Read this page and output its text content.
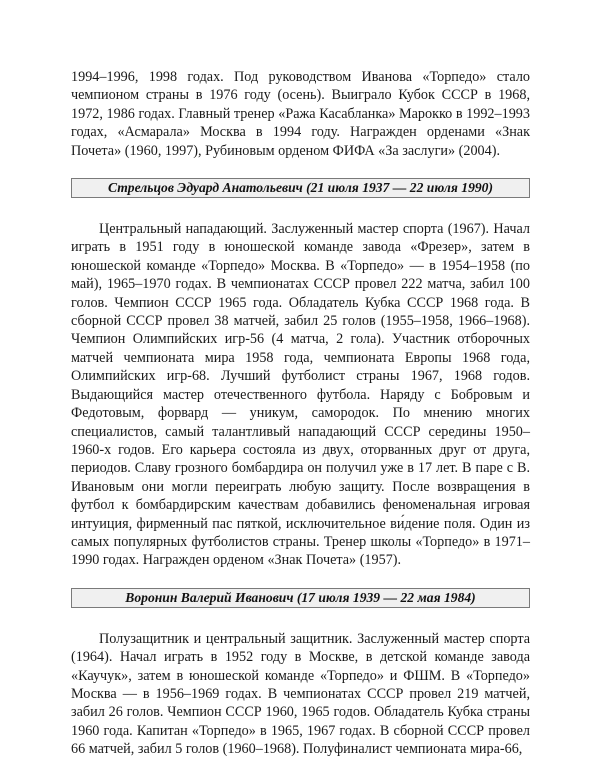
1994–1996, 1998 годах. Под руководством Иванова «Торпедо» стало чемпионом страны в 1976 году (осень). Выиграло Кубок СССР в 1968, 1972, 1986 годах. Главный тренер «Ража Касабланка» Марокко в 1992–1993 годах, «Асмарала» Москва в 1994 году. Награжден орденами «Знак Почета» (1960, 1997), Рубиновым орденом ФИФА «За заслуги» (2004).

Стрельцов Эдуард Анатольевич (21 июля 1937 — 22 июля 1990)

Центральный нападающий. Заслуженный мастер спорта (1967). Начал играть в 1951 году в юношеской команде завода «Фрезер», затем в юношеской команде «Торпедо» Москва. В «Торпедо» — в 1954–1958 (по май), 1965–1970 годах. В чемпионатах СССР провел 222 матча, забил 100 голов. Чемпион СССР 1965 года. Обладатель Кубка СССР 1968 года. В сборной СССР провел 38 матчей, забил 25 голов (1955–1958, 1966–1968). Чемпион Олимпийских игр-56 (4 матча, 2 гола). Участник отборочных матчей чемпионата мира 1958 года, чемпионата Европы 1968 года, Олимпийских игр-68. Лучший футболист страны 1967, 1968 годов. Выдающийся мастер отечественного футбола. Наряду с Бобровым и Федотовым, форвард — уникум, самородок. По мнению многих специалистов, самый талантливый нападающий СССР середины 1950–1960-х годов. Его карьера состояла из двух, оторванных друг от друга, периодов. Славу грозного бомбардира он получил уже в 17 лет. В паре с В. Ивановым они могли переиграть любую защиту. После возвращения в футбол к бомбардирским качествам добавились феноменальная игровая интуиция, фирменный пас пяткой, исключительное ви́дение поля. Один из самых популярных футболистов страны. Тренер школы «Торпедо» в 1971–1990 годах. Награжден орденом «Знак Почета» (1957).

Воронин Валерий Иванович (17 июля 1939 — 22 мая 1984)

Полузащитник и центральный защитник. Заслуженный мастер спорта (1964). Начал играть в 1952 году в Москве, в детской команде завода «Каучук», затем в юношеской команде «Торпедо» и ФШМ. В «Торпедо» Москва — в 1956–1969 годах. В чемпионатах СССР провел 219 матчей, забил 26 голов. Чемпион СССР 1960, 1965 годов. Обладатель Кубка страны 1960 года. Капитан «Торпедо» в 1965, 1967 годах. В сборной СССР провел 66 матчей, забил 5 голов (1960–1968). Полуфиналист чемпионата мира-66,
